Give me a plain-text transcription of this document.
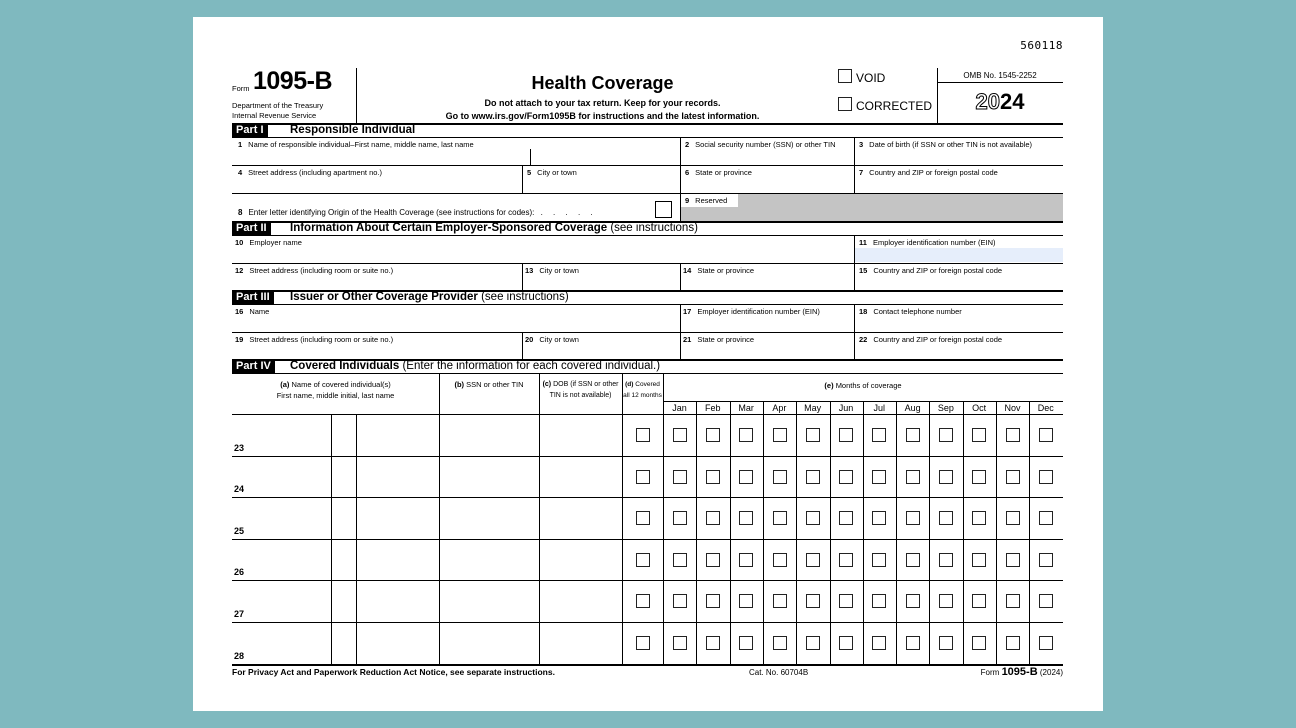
560118
Form 1095-B
Department of the Treasury
Internal Revenue Service
Health Coverage
Do not attach to your tax return. Keep for your records.
Go to www.irs.gov/Form1095B for instructions and the latest information.
VOID
CORRECTED
OMB No. 1545-2252
2024
Part I	Responsible Individual
1 Name of responsible individual–First name, middle name, last name	2 Social security number (SSN) or other TIN	3 Date of birth (if SSN or other TIN is not available)
4 Street address (including apartment no.)	5 City or town	6 State or province	7 Country and ZIP or foreign postal code
8 Enter letter identifying Origin of the Health Coverage (see instructions for codes): . . . . .
9 Reserved
Part II	Information About Certain Employer-Sponsored Coverage (see instructions)
10 Employer name	11 Employer identification number (EIN)
12 Street address (including room or suite no.)	13 City or town	14 State or province	15 Country and ZIP or foreign postal code
Part III	Issuer or Other Coverage Provider (see instructions)
16 Name	17 Employer identification number (EIN)	18 Contact telephone number
19 Street address (including room or suite no.)	20 City or town	21 State or province	22 Country and ZIP or foreign postal code
Part IV	Covered Individuals (Enter the information for each covered individual.)
(a) Name of covered individual(s)
First name, middle initial, last name
(b) SSN or other TIN	(c) DOB (if SSN or other
TIN is not available)
(d) Covered
all 12 months
(e) Months of coverage
Jan	Feb	Mar	Apr	May	Jun	Jul	Aug	Sep	Oct	Nov	Dec
23
24
25
26
27
28
For Privacy Act and Paperwork Reduction Act Notice, see separate instructions.	Cat. No. 60704B	Form 1095-B (2024)
